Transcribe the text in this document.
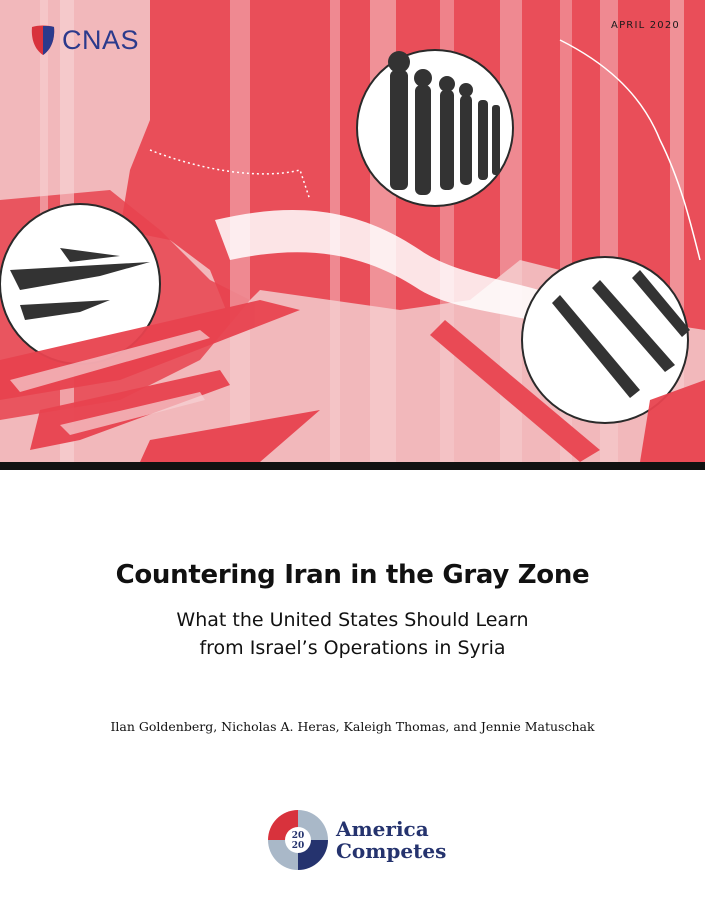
CNAS	APRIL 2020
Countering Iran in the Gray Zone
What the United States Should Learn
from Israel’s Operations in Syria
Ilan Goldenberg, Nicholas A. Heras, Kaleigh Thomas, and Jennie Matuschak
20
20
America
Competes
